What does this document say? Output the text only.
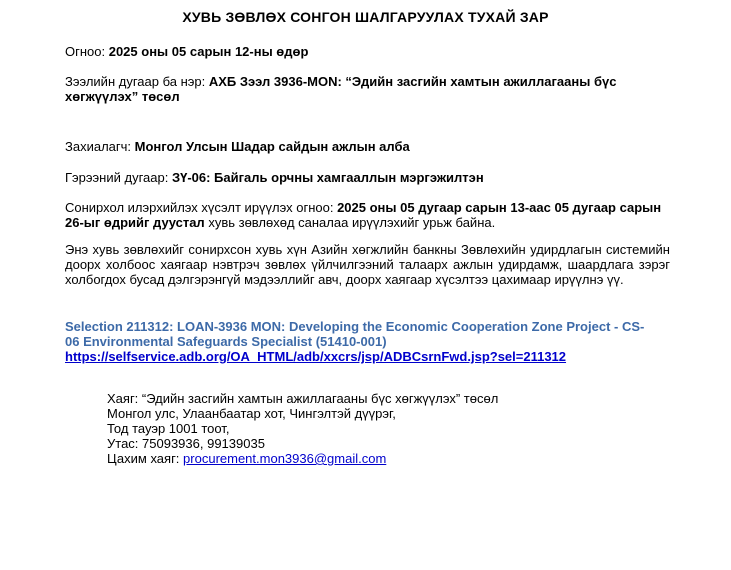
ХУВЬ ЗӨВЛӨХ СОНГОН ШАЛГАРУУЛАХ ТУХАЙ ЗАР
Огноо: 2025 оны 05 сарын 12-ны өдөр
Зээлийн дугаар ба нэр: АХБ Зээл 3936-MON: “Эдийн засгийн хамтын ажиллагааны бүс хөгжүүлэх” төсөл
Захиалагч: Монгол Улсын Шадар сайдын ажлын алба
Гэрээний дугаар: ЗҮ-06: Байгаль орчны хамгааллын мэргэжилтэн
Сонирхол илэрхийлэх хүсэлт ирүүлэх огноо: 2025 оны 05 дугаар сарын 13-аас 05 дугаар сарын 26-ыг өдрийг дуустал хувь зөвлөхөд саналаа ирүүлэхийг урьж байна.
Энэ хувь зөвлөхийг сонирхсон хувь хүн Азийн хөгжлийн банкны Зөвлөхийн удирдлагын системийн доорх холбоос хаягаар нэвтрэч зөвлөх үйлчилгээний талаарх ажлын удирдамж, шаардлага зэрэг холбогдох бусад дэлгэрэнгүй мэдээллийг авч, доорх хаягаар хүсэлтээ цахимаар ирүүлнэ үү.
Selection 211312: LOAN-3936 MON: Developing the Economic Cooperation Zone Project - CS-
06 Environmental Safeguards Specialist (51410-001)
https://selfservice.adb.org/OA_HTML/adb/xxcrs/jsp/ADBCsrnFwd.jsp?sel=211312
Хаяг: “Эдийн засгийн хамтын ажиллагааны бүс хөгжүүлэх” төсөл
Монгол улс, Улаанбаатар хот, Чингэлтэй дүүрэг,
Тод тауэр 1001 тоот,
Утас: 75093936, 99139035
Цахим хаяг: procurement.mon3936@gmail.com
